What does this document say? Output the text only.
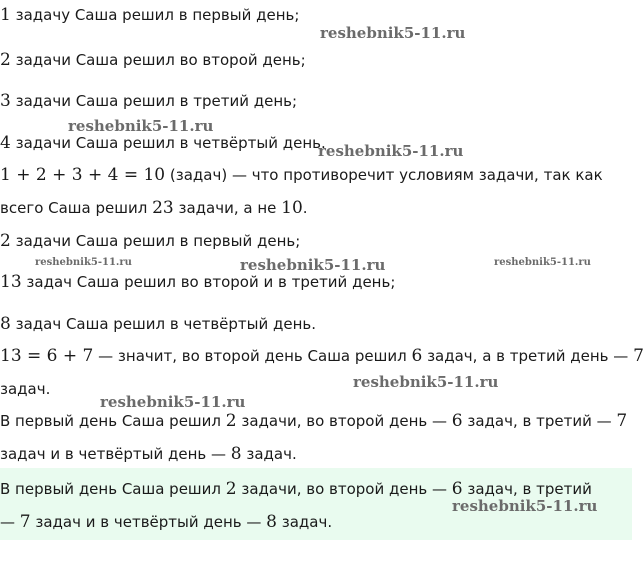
1 задачу Саша решил в первый день;
2 задачи Саша решил во второй день;
3 задачи Саша решил в третий день;
4 задачи Саша решил в четвёртый день.
1 + 2 + 3 + 4 = 10 (задач) — что противоречит условиям задачи, так как
всего Саша решил 23 задачи, а не 10.
2 задачи Саша решил в первый день;
13 задач Саша решил во второй и в третий день;
8 задач Саша решил в четвёртый день.
13 = 6 + 7 — значит, во второй день Саша решил 6 задач, а в третий день — 7
задач.
В первый день Саша решил 2 задачи, во второй день — 6 задач, в третий — 7
задач и в четвёртый день — 8 задач.
В первый день Саша решил 2 задачи, во второй день — 6 задач, в третий
— 7 задач и в четвёртый день — 8 задач.
reshebnik5-11.ru
reshebnik5-11.ru
reshebnik5-11.ru
reshebnik5-11.ru	reshebnik5-11.ru	reshebnik5-11.ru
reshebnik5-11.ru
reshebnik5-11.ru
reshebnik5-11.ru
